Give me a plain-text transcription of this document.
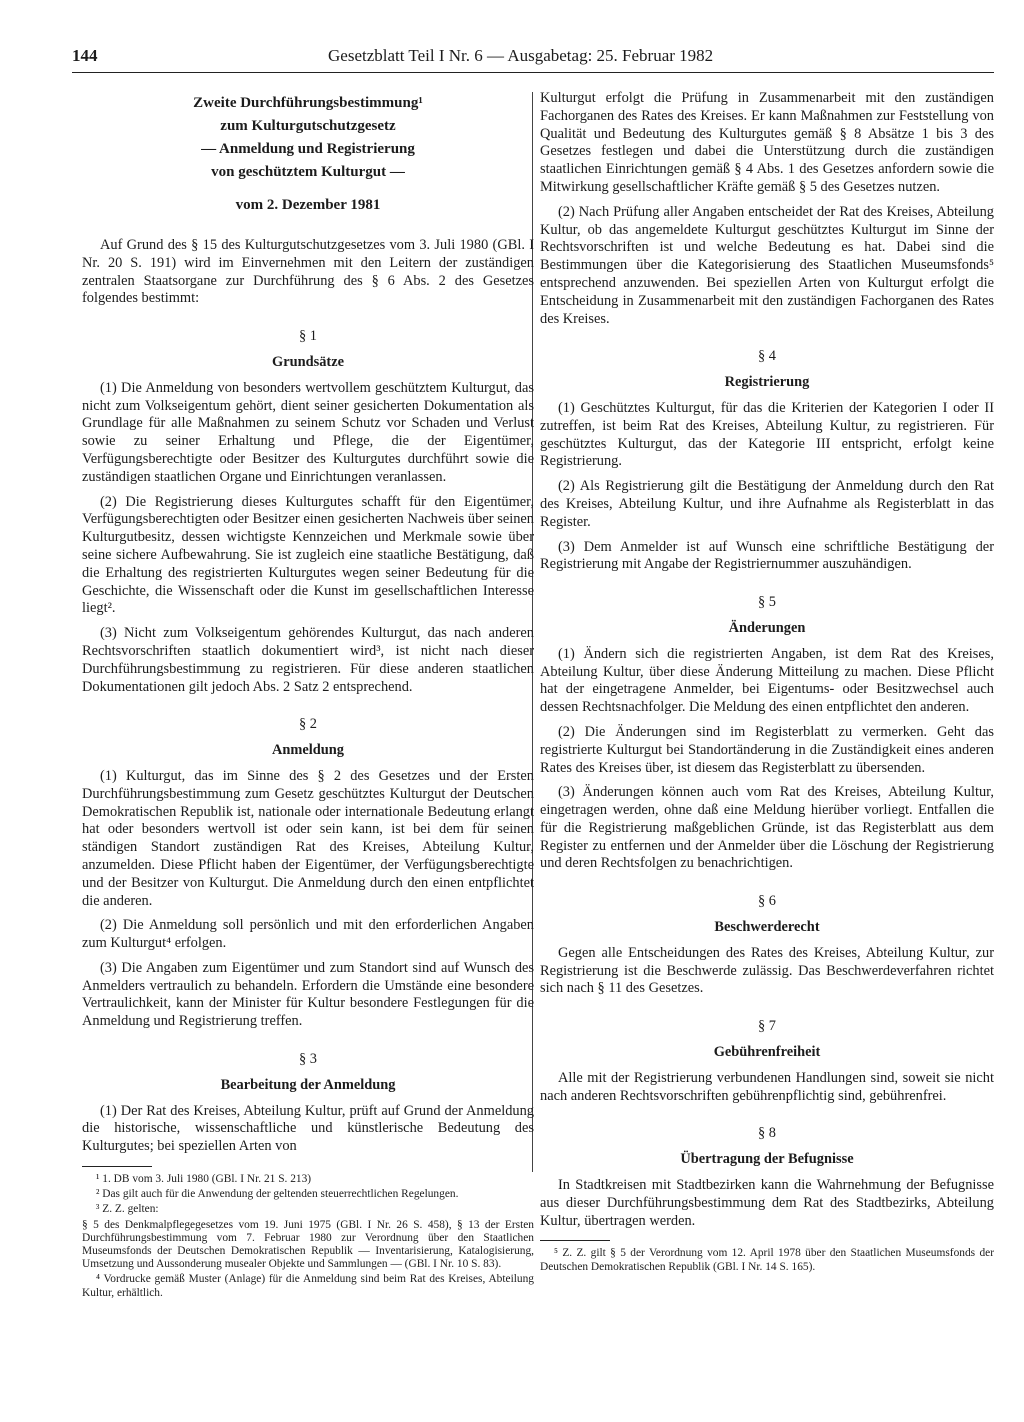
144	Gesetzblatt Teil I Nr. 6 — Ausgabetag: 25. Februar 1982

Zweite Durchführungsbestimmung¹

zum Kulturgutschutzgesetz

— Anmeldung und Registrierung

von geschütztem Kulturgut —

vom 2. Dezember 1981

Auf Grund des § 15 des Kulturgutschutzgesetzes vom 3. Juli 1980 (GBl. I Nr. 20 S. 191) wird im Einvernehmen mit den Leitern der zuständigen zentralen Staatsorgane zur Durchführung des § 6 Abs. 2 des Gesetzes folgendes bestimmt:

§ 1

Grundsätze

(1) Die Anmeldung von besonders wertvollem geschütztem Kulturgut, das nicht zum Volkseigentum gehört, dient seiner gesicherten Dokumentation als Grundlage für alle Maßnahmen zu seinem Schutz vor Schaden und Verlust sowie zu seiner Erhaltung und Pflege, die der Eigentümer, Verfügungsberechtigte oder Besitzer des Kulturgutes durchführt sowie die zuständigen staatlichen Organe und Einrichtungen veranlassen.

(2) Die Registrierung dieses Kulturgutes schafft für den Eigentümer, Verfügungsberechtigten oder Besitzer einen gesicherten Nachweis über seinen Kulturgutbesitz, dessen wichtigste Kennzeichen und Merkmale sowie über seine sichere Aufbewahrung. Sie ist zugleich eine staatliche Bestätigung, daß die Erhaltung des registrierten Kulturgutes wegen seiner Bedeutung für die Geschichte, die Wissenschaft oder die Kunst im gesellschaftlichen Interesse liegt².

(3) Nicht zum Volkseigentum gehörendes Kulturgut, das nach anderen Rechtsvorschriften staatlich dokumentiert wird³, ist nicht nach dieser Durchführungsbestimmung zu registrieren. Für diese anderen staatlichen Dokumentationen gilt jedoch Abs. 2 Satz 2 entsprechend.

§ 2

Anmeldung

(1) Kulturgut, das im Sinne des § 2 des Gesetzes und der Ersten Durchführungsbestimmung zum Gesetz geschütztes Kulturgut der Deutschen Demokratischen Republik ist, nationale oder internationale Bedeutung erlangt hat oder besonders wertvoll ist oder sein kann, ist bei dem für seinen ständigen Standort zuständigen Rat des Kreises, Abteilung Kultur, anzumelden. Diese Pflicht haben der Eigentümer, der Verfügungsberechtigte und der Besitzer von Kulturgut. Die Anmeldung durch den einen entpflichtet die anderen.

(2) Die Anmeldung soll persönlich und mit den erforderlichen Angaben zum Kulturgut⁴ erfolgen.

(3) Die Angaben zum Eigentümer und zum Standort sind auf Wunsch des Anmelders vertraulich zu behandeln. Erfordern die Umstände eine besondere Vertraulichkeit, kann der Minister für Kultur besondere Festlegungen für die Anmeldung und Registrierung treffen.

§ 3

Bearbeitung der Anmeldung

(1) Der Rat des Kreises, Abteilung Kultur, prüft auf Grund der Anmeldung die historische, wissenschaftliche und künstlerische Bedeutung des Kulturgutes; bei speziellen Arten von

¹ 1. DB vom 3. Juli 1980 (GBl. I Nr. 21 S. 213)

² Das gilt auch für die Anwendung der geltenden steuerrechtlichen Regelungen.

³ Z. Z. gelten:

§ 5 des Denkmalpflegegesetzes vom 19. Juni 1975 (GBl. I Nr. 26 S. 458), § 13 der Ersten Durchführungsbestimmung vom 7. Februar 1980 zur Verordnung über den Staatlichen Museumsfonds der Deutschen Demokratischen Republik — Inventarisierung, Katalogisierung, Umsetzung und Aussonderung musealer Objekte und Sammlungen — (GBl. I Nr. 10 S. 83).

⁴ Vordrucke gemäß Muster (Anlage) für die Anmeldung sind beim Rat des Kreises, Abteilung Kultur, erhältlich.

Kulturgut erfolgt die Prüfung in Zusammenarbeit mit den zuständigen Fachorganen des Rates des Kreises. Er kann Maßnahmen zur Feststellung von Qualität und Bedeutung des Kulturgutes gemäß § 8 Absätze 1 bis 3 des Gesetzes festlegen und dabei die Unterstützung durch die zuständigen staatlichen Einrichtungen gemäß § 4 Abs. 1 des Gesetzes anfordern sowie die Mitwirkung gesellschaftlicher Kräfte gemäß § 5 des Gesetzes nutzen.

(2) Nach Prüfung aller Angaben entscheidet der Rat des Kreises, Abteilung Kultur, ob das angemeldete Kulturgut geschütztes Kulturgut im Sinne der Rechtsvorschriften ist und welche Bedeutung es hat. Dabei sind die Bestimmungen über die Kategorisierung des Staatlichen Museumsfonds⁵ entsprechend anzuwenden. Bei speziellen Arten von Kulturgut erfolgt die Entscheidung in Zusammenarbeit mit den zuständigen Fachorganen des Rates des Kreises.

§ 4

Registrierung

(1) Geschütztes Kulturgut, für das die Kriterien der Kategorien I oder II zutreffen, ist beim Rat des Kreises, Abteilung Kultur, zu registrieren. Für geschütztes Kulturgut, das der Kategorie III entspricht, erfolgt keine Registrierung.

(2) Als Registrierung gilt die Bestätigung der Anmeldung durch den Rat des Kreises, Abteilung Kultur, und ihre Aufnahme als Registerblatt in das Register.

(3) Dem Anmelder ist auf Wunsch eine schriftliche Bestätigung der Registrierung mit Angabe der Registriernummer auszuhändigen.

§ 5

Änderungen

(1) Ändern sich die registrierten Angaben, ist dem Rat des Kreises, Abteilung Kultur, über diese Änderung Mitteilung zu machen. Diese Pflicht hat der eingetragene Anmelder, bei Eigentums- oder Besitzwechsel auch dessen Rechtsnachfolger. Die Meldung des einen entpflichtet den anderen.

(2) Die Änderungen sind im Registerblatt zu vermerken. Geht das registrierte Kulturgut bei Standortänderung in die Zuständigkeit eines anderen Rates des Kreises über, ist diesem das Registerblatt zu übersenden.

(3) Änderungen können auch vom Rat des Kreises, Abteilung Kultur, eingetragen werden, ohne daß eine Meldung hierüber vorliegt. Entfallen die für die Registrierung maßgeblichen Gründe, ist das Registerblatt aus dem Register zu entfernen und der Anmelder über die Löschung der Registrierung und deren Rechtsfolgen zu benachrichtigen.

§ 6

Beschwerderecht

Gegen alle Entscheidungen des Rates des Kreises, Abteilung Kultur, zur Registrierung ist die Beschwerde zulässig. Das Beschwerdeverfahren richtet sich nach § 11 des Gesetzes.

§ 7

Gebührenfreiheit

Alle mit der Registrierung verbundenen Handlungen sind, soweit sie nicht nach anderen Rechtsvorschriften gebührenpflichtig sind, gebührenfrei.

§ 8

Übertragung der Befugnisse

In Stadtkreisen mit Stadtbezirken kann die Wahrnehmung der Befugnisse aus dieser Durchführungsbestimmung dem Rat des Stadtbezirks, Abteilung Kultur, übertragen werden.

⁵ Z. Z. gilt § 5 der Verordnung vom 12. April 1978 über den Staatlichen Museumsfonds der Deutschen Demokratischen Republik (GBl. I Nr. 14 S. 165).
